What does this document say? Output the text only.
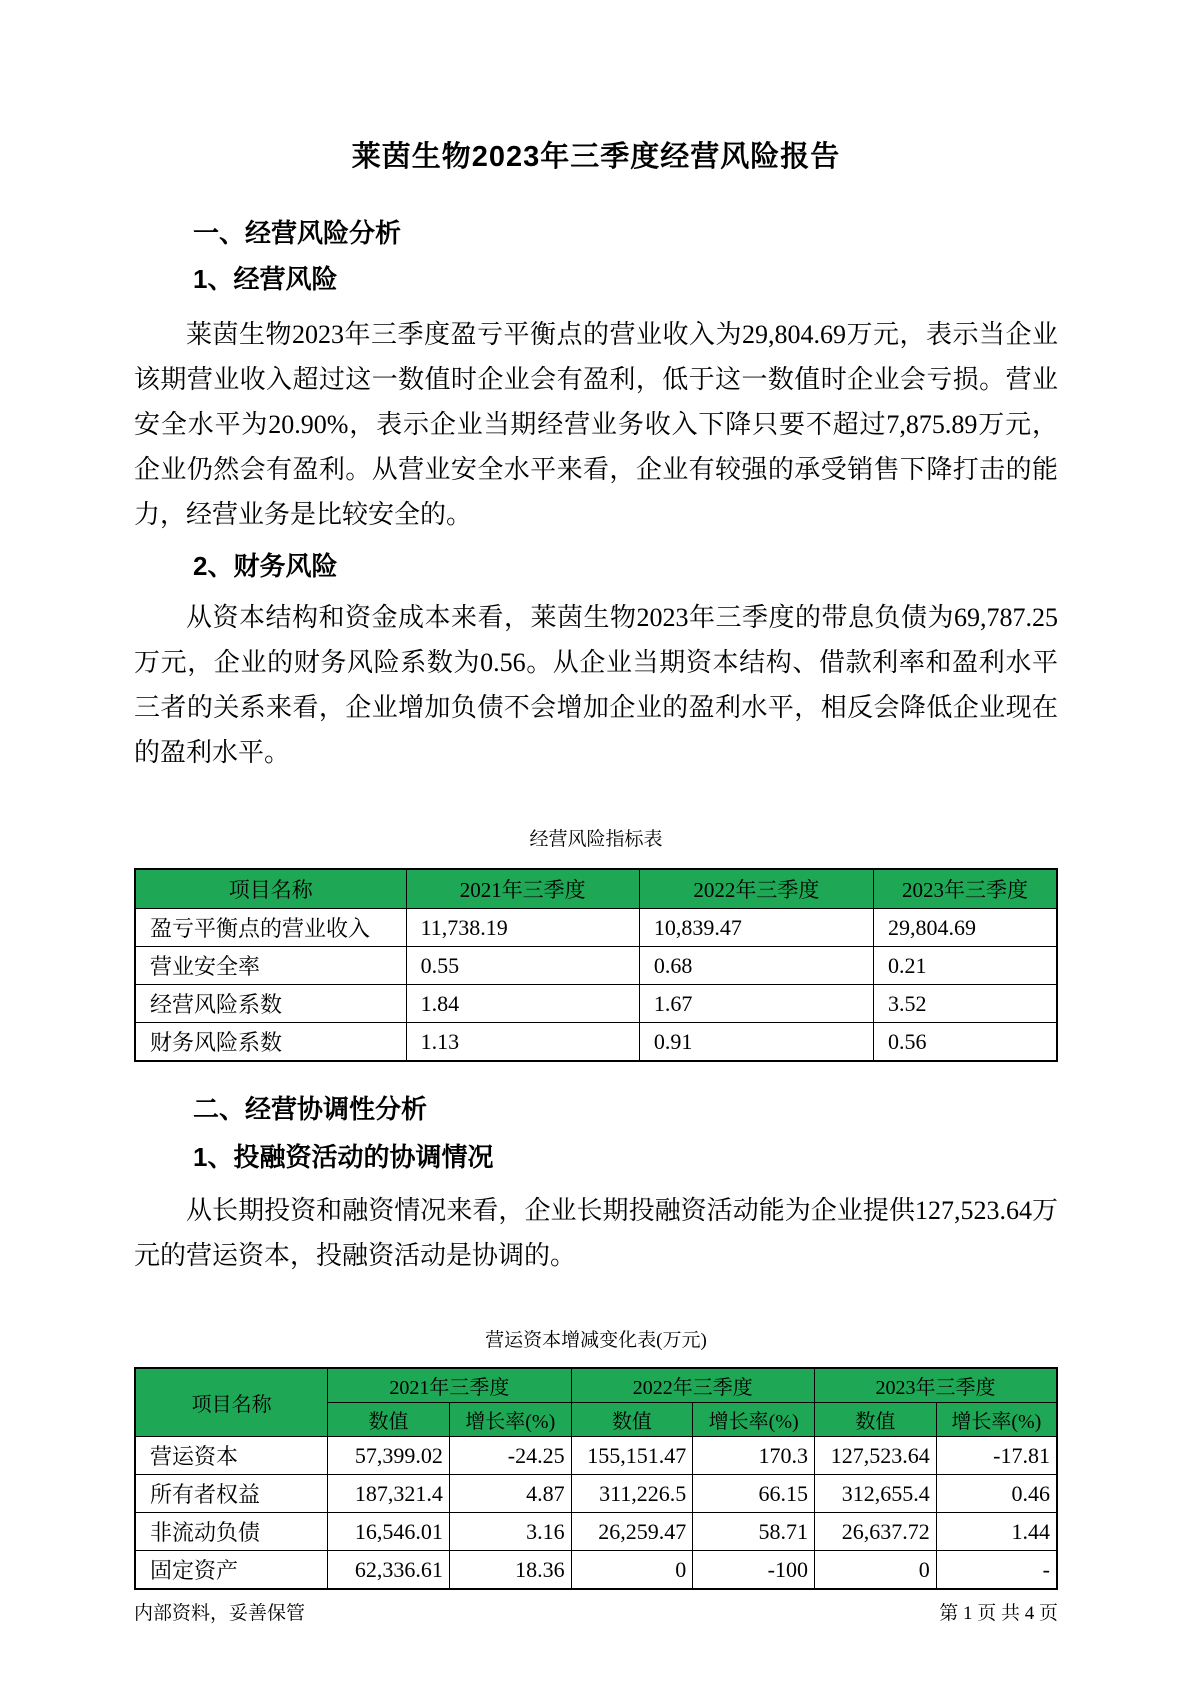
莱茵生物2023年三季度经营风险报告
一、经营风险分析
1、经营风险

莱茵生物2023年三季度盈亏平衡点的营业收入为29,804.69万元，表示当企业该期营业收入超过这一数值时企业会有盈利，低于这一数值时企业会亏损。营业安全水平为20.90%，表示企业当期经营业务收入下降只要不超过7,875.89万元，企业仍然会有盈利。从营业安全水平来看，企业有较强的承受销售下降打击的能力，经营业务是比较安全的。

2、财务风险

从资本结构和资金成本来看，莱茵生物2023年三季度的带息负债为69,787.25万元，企业的财务风险系数为0.56。从企业当期资本结构、借款利率和盈利水平三者的关系来看，企业增加负债不会增加企业的盈利水平，相反会降低企业现在的盈利水平。

经营风险指标表
项目名称	2021年三季度	2022年三季度	2023年三季度
盈亏平衡点的营业收入	11,738.19	10,839.47	29,804.69
营业安全率	0.55	0.68	0.21
经营风险系数	1.84	1.67	3.52
财务风险系数	1.13	0.91	0.56
二、经营协调性分析
1、投融资活动的协调情况

从长期投资和融资情况来看，企业长期投融资活动能为企业提供127,523.64万元的营运资本，投融资活动是协调的。

营运资本增减变化表(万元)
项目名称	2021年三季度		2022年三季度		2023年三季度	
	数值	增长率(%)	数值	增长率(%)	数值	增长率(%)
营运资本	57,399.02	-24.25	155,151.47	170.3	127,523.64	-17.81
所有者权益	187,321.4	4.87	311,226.5	66.15	312,655.4	0.46
非流动负债	16,546.01	3.16	26,259.47	58.71	26,637.72	1.44
固定资产	62,336.61	18.36	0	-100	0	-
内部资料，妥善保管	第 1 页 共 4 页
